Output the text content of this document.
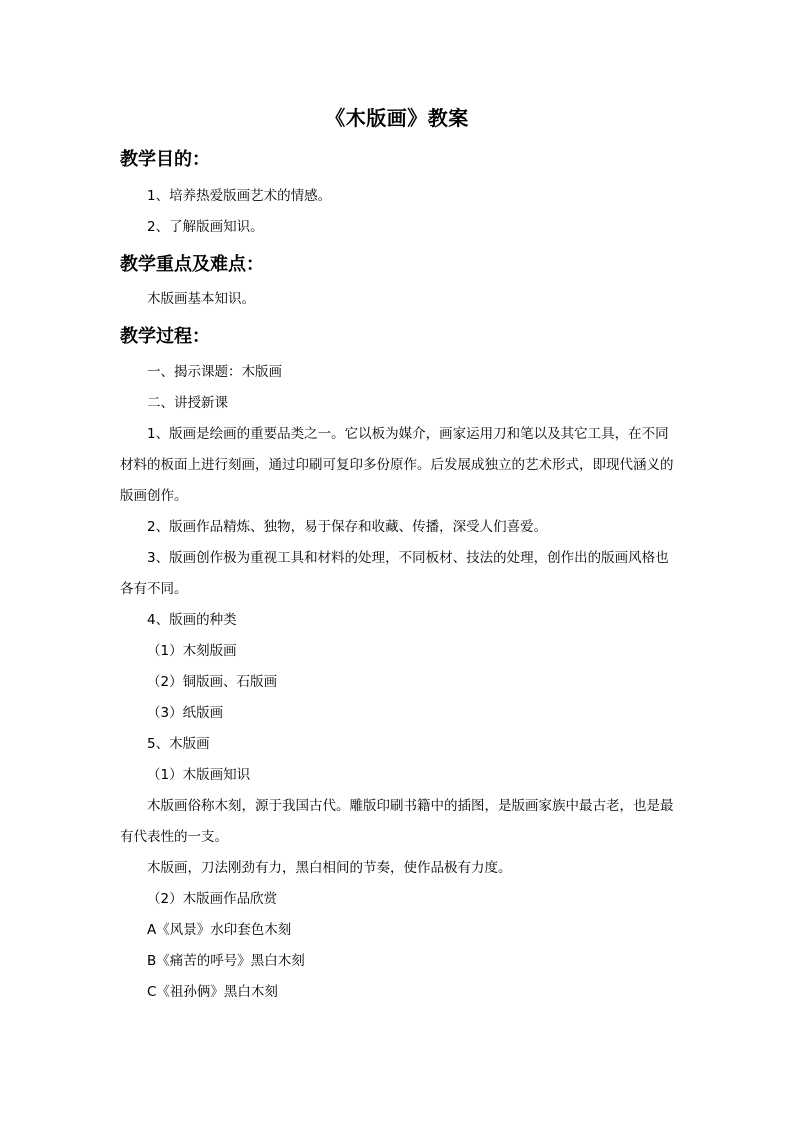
《木版画》教案
教学目的：
1、培养热爱版画艺术的情感。
2、了解版画知识。
教学重点及难点：
木版画基本知识。
教学过程：
一、揭示课题：木版画
二、讲授新课

1、版画是绘画的重要品类之一。它以板为媒介，画家运用刀和笔以及其它工具，在不同材料的板面上进行刻画，通过印刷可复印多份原作。后发展成独立的艺术形式，即现代涵义的版画创作。

2、版画作品精炼、独物，易于保存和收藏、传播，深受人们喜爱。

3、版画创作极为重视工具和材料的处理，不同板材、技法的处理，创作出的版画风格也各有不同。

4、版画的种类
（1）木刻版画
（2）铜版画、石版画
（3）纸版画
5、木版画
（1）木版画知识

木版画俗称木刻，源于我国古代。雕版印刷书籍中的插图，是版画家族中最古老，也是最有代表性的一支。

木版画，刀法刚劲有力，黑白相间的节奏，使作品极有力度。

（2）木版画作品欣赏
A《风景》水印套色木刻
B《痛苦的呼号》黑白木刻
C《祖孙俩》黑白木刻
